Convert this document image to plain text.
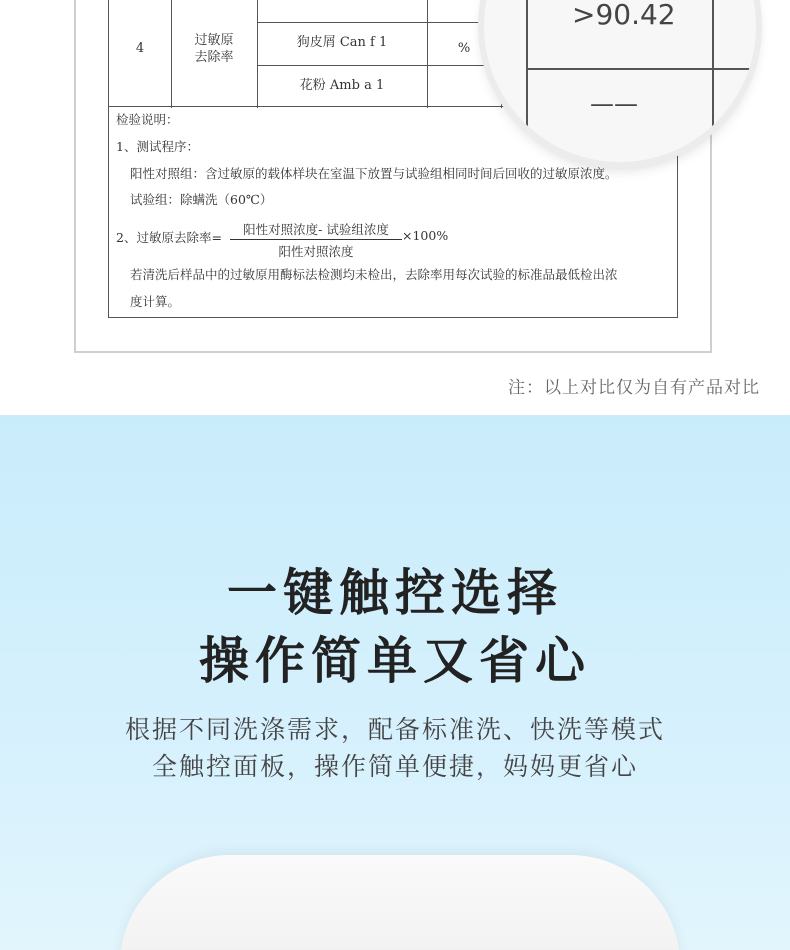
4
过敏原
去除率
狗皮屑 Can f 1
花粉 Amb a 1
%
检验说明：
1、测试程序：
阳性对照组：含过敏原的载体样块在室温下放置与试验组相同时间后回收的过敏原浓度。
试验组：除螨洗（60℃）
2、过敏原去除率=
阳性对照浓度- 试验组浓度
阳性对照浓度
×100%
若清洗后样品中的过敏原用酶标法检测均未检出，去除率用每次试验的标准品最低检出浓
度计算。
>90.42
——
注：以上对比仅为自有产品对比
一键触控选择
操作简单又省心
根据不同洗涤需求，配备标准洗、快洗等模式
全触控面板，操作简单便捷，妈妈更省心
